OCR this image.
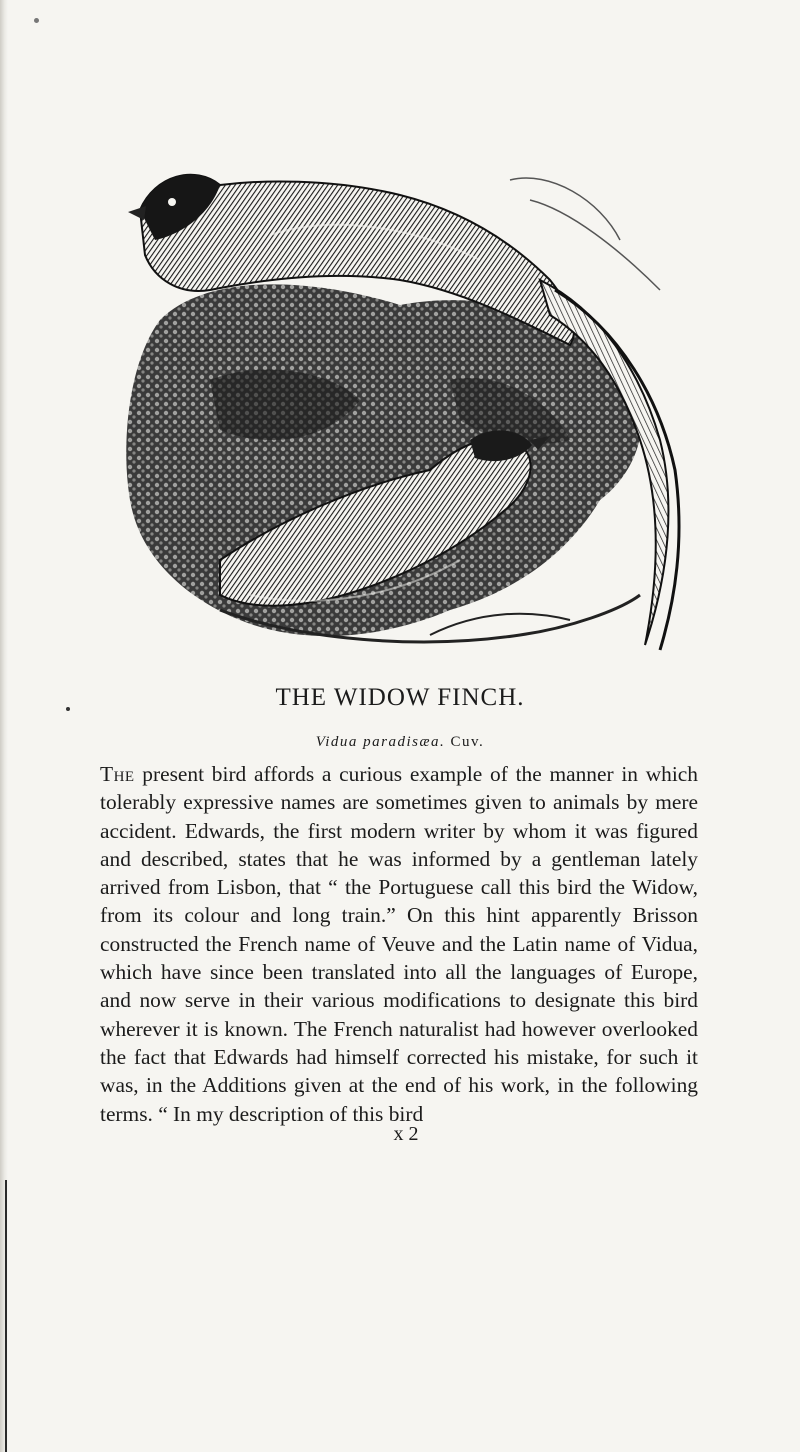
THE WIDOW FINCH.
Vidua paradisæa. Cuv.

The present bird affords a curious example of the manner in which tolerably expressive names are sometimes given to animals by mere accident. Edwards, the first modern writer by whom it was figured and described, states that he was informed by a gentleman lately arrived from Lisbon, that “ the Portuguese call this bird the Widow, from its colour and long train.” On this hint apparently Brisson constructed the French name of Veuve and the Latin name of Vidua, which have since been translated into all the languages of Europe, and now serve in their various modifications to designate this bird wherever it is known. The French naturalist had however overlooked the fact that Edwards had himself corrected his mistake, for such it was, in the Additions given at the end of his work, in the following terms. “ In my description of this bird

x 2
